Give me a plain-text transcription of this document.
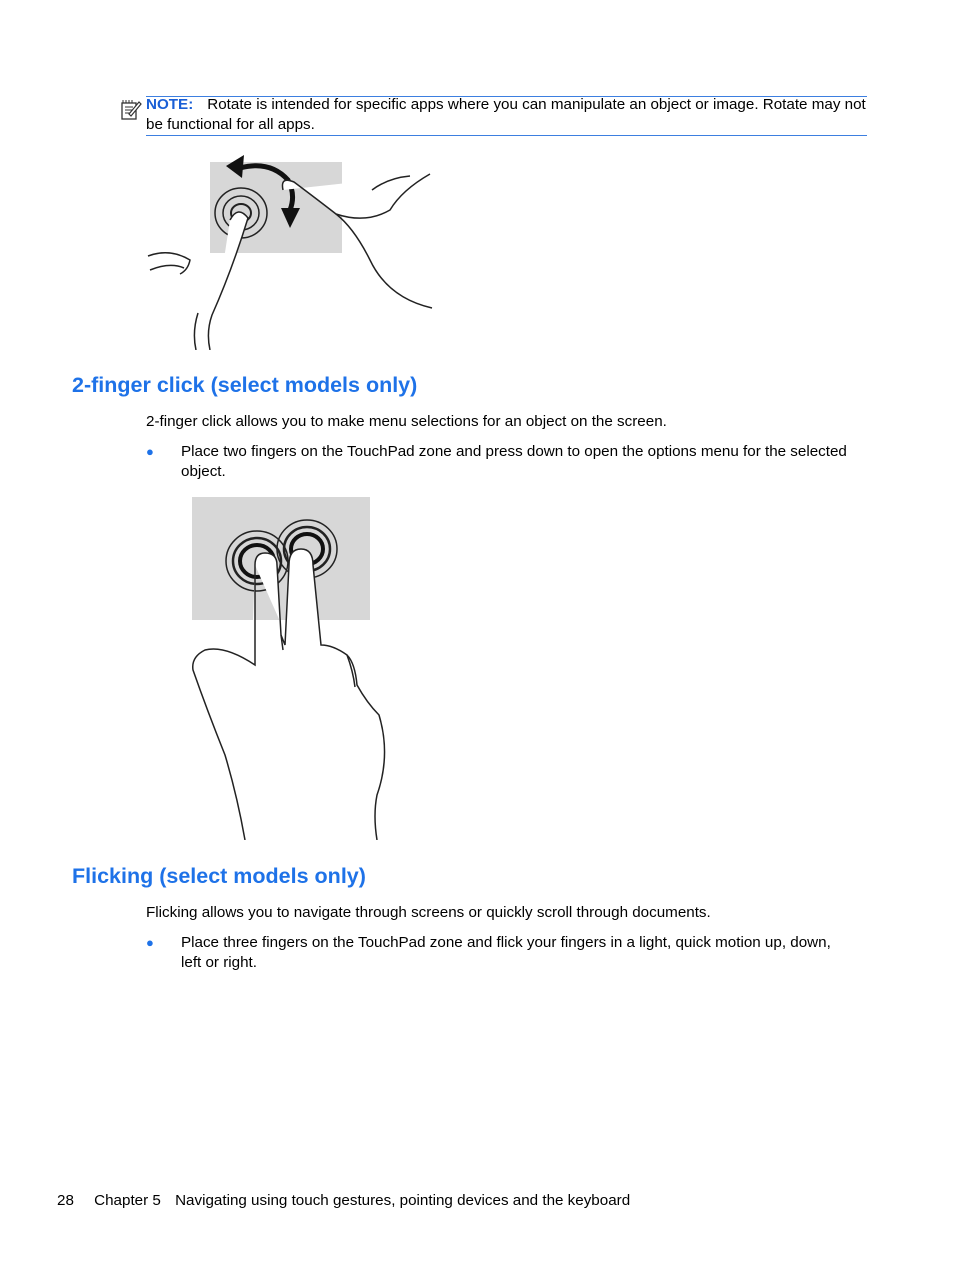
NOTE: Rotate is intended for specific apps where you can manipulate an object or image. Rotate may not be functional for all apps.
2-finger click (select models only)

2-finger click allows you to make menu selections for an object on the screen.

● Place two fingers on the TouchPad zone and press down to open the options menu for the selected object.

Flicking (select models only)

Flicking allows you to navigate through screens or quickly scroll through documents.

● Place three fingers on the TouchPad zone and flick your fingers in a light, quick motion up, down, left or right.

28 Chapter 5 Navigating using touch gestures, pointing devices and the keyboard
